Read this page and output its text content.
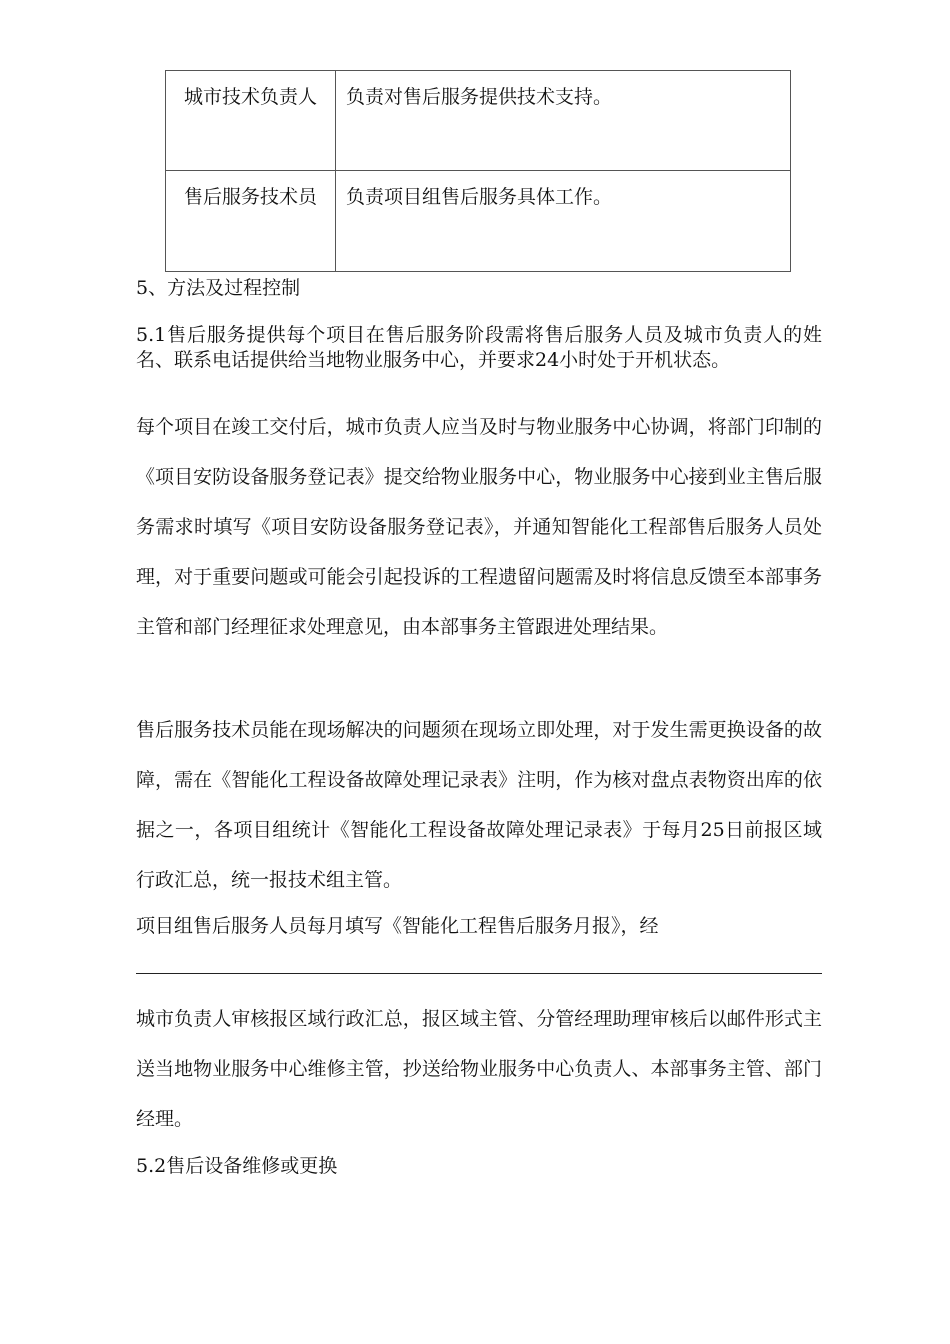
城市技术负责人	负责对售后服务提供技术支持。
售后服务技术员	负责项目组售后服务具体工作。

5、方法及过程控制

5.1售后服务提供每个项目在售后服务阶段需将售后服务人员及城市负责人的姓名、联系电话提供给当地物业服务中心，并要求24小时处于开机状态。

每个项目在竣工交付后，城市负责人应当及时与物业服务中心协调，将部门印制的《项目安防设备服务登记表》提交给物业服务中心，物业服务中心接到业主售后服务需求时填写《项目安防设备服务登记表》，并通知智能化工程部售后服务人员处理，对于重要问题或可能会引起投诉的工程遗留问题需及时将信息反馈至本部事务主管和部门经理征求处理意见，由本部事务主管跟进处理结果。

售后服务技术员能在现场解决的问题须在现场立即处理，对于发生需更换设备的故障，需在《智能化工程设备故障处理记录表》注明，作为核对盘点表物资出库的依据之一，各项目组统计《智能化工程设备故障处理记录表》于每月25日前报区域行政汇总，统一报技术组主管。

项目组售后服务人员每月填写《智能化工程售后服务月报》，经

城市负责人审核报区域行政汇总，报区域主管、分管经理助理审核后以邮件形式主送当地物业服务中心维修主管，抄送给物业服务中心负责人、本部事务主管、部门经理。

5.2售后设备维修或更换
